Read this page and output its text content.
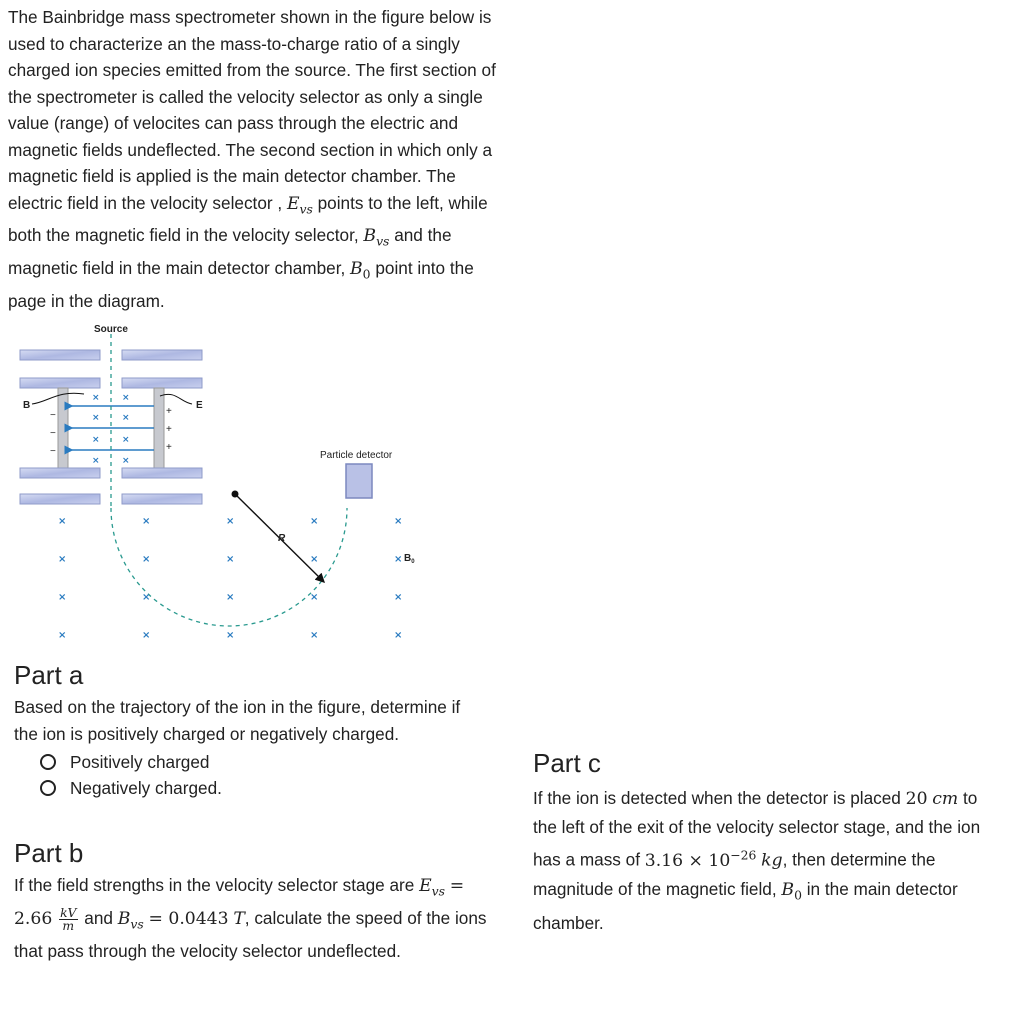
The Bainbridge mass spectrometer shown in the figure below is used to characterize an the mass-to-charge ratio of a singly charged ion species emitted from the source. The first section of the spectrometer is called the velocity selector as only a single value (range) of velocites can pass through the electric and magnetic fields undeflected. The second section in which only a magnetic field is applied is the main detector chamber. The electric field in the velocity selector , $E_{vs}$ points to the left, while both the magnetic field in the velocity selector, $B_{vs}$ and the magnetic field in the main detector chamber, $B_0$ point into the page in the diagram.

Source
−
−
−
+
+
+
× ×
× ×
× ×
× ×
B	E
Particle detector
R
×	×	×	×	×
×	×	×	×	×
×	×	×	×	×
×	×	×	×	×
$B_0$
Part a

Based on the trajectory of the ion in the figure, determine if the ion is positively charged or negatively charged.

Positively charged
Negatively charged.
Part b

If the field strengths in the velocity selector stage are $E_{vs} = 2.66 \frac{kV}{m}$ and $B_{vs} = 0.0443$ T, calculate the speed of the ions that pass through the velocity selector undeflected.

Part c

If the ion is detected when the detector is placed 20 cm to the left of the exit of the velocity selector stage, and the ion has a mass of $3.16 \times 10^{-26}$ kg, then determine the magnitude of the magnetic field, $B_0$ in the main detector chamber.
